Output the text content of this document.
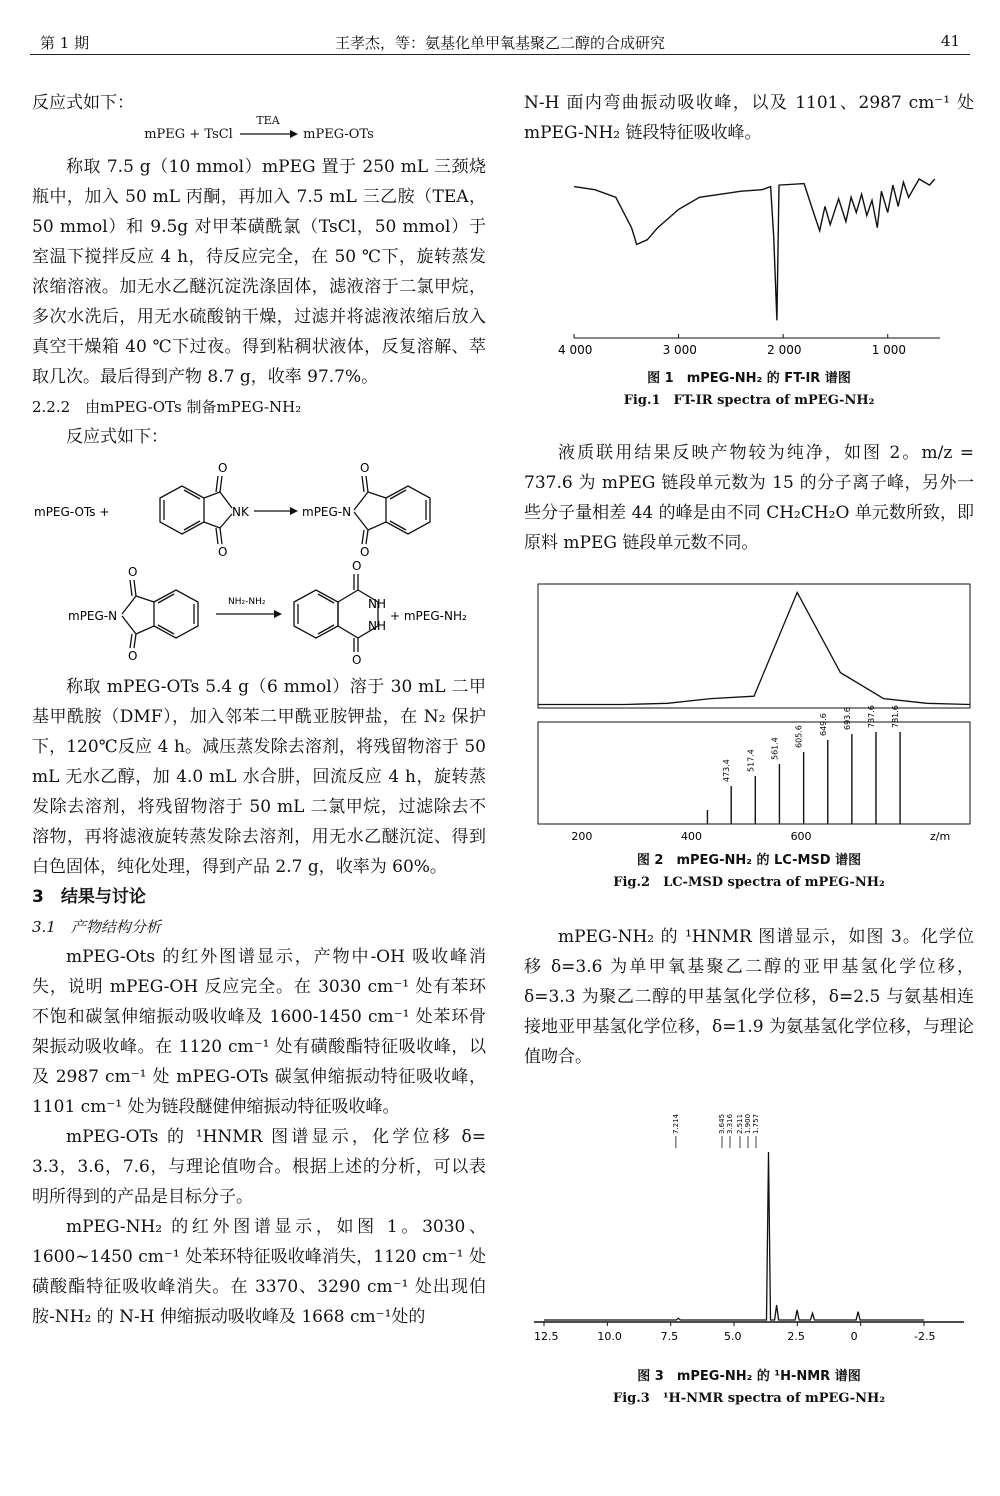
第 1 期	王孝杰，等：氨基化单甲氧基聚乙二醇的合成研究	41

反应式如下：

mPEG + TsCl
TEA
mPEG-OTs

称取 7.5 g（10 mmol）mPEG 置于 250 mL 三颈烧瓶中，加入 50 mL 丙酮，再加入 7.5 mL 三乙胺（TEA，50 mmol）和 9.5g 对甲苯磺酰氯（TsCl，50 mmol）于室温下搅拌反应 4 h，待反应完全，在 50 ℃下，旋转蒸发浓缩溶液。加无水乙醚沉淀洗涤固体，滤液溶于二氯甲烷，多次水洗后，用无水硫酸钠干燥，过滤并将滤液浓缩后放入真空干燥箱 40 ℃下过夜。得到粘稠状液体，反复溶解、萃取几次。最后得到产物 8.7 g，收率 97.7%。

2.2.2　由mPEG-OTs 制备mPEG-NH₂

反应式如下：

mPEG-OTs +
O
O
NK	mPEG-N
O
O
mPEG-N
O
O
NH₂-NH₂
O
O
NH
NH
+ mPEG-NH₂

称取 mPEG-OTs 5.4 g（6 mmol）溶于 30 mL 二甲基甲酰胺（DMF），加入邻苯二甲酰亚胺钾盐，在 N₂ 保护下，120℃反应 4 h。减压蒸发除去溶剂，将残留物溶于 50 mL 无水乙醇，加 4.0 mL 水合肼，回流反应 4 h，旋转蒸发除去溶剂，将残留物溶于 50 mL 二氯甲烷，过滤除去不溶物，再将滤液旋转蒸发除去溶剂，用无水乙醚沉淀、得到白色固体，纯化处理，得到产品 2.7 g，收率为 60%。

3　结果与讨论

3.1　产物结构分析

mPEG-Ots 的红外图谱显示，产物中-OH 吸收峰消失，说明 mPEG-OH 反应完全。在 3030 cm⁻¹ 处有苯环不饱和碳氢伸缩振动吸收峰及 1600-1450 cm⁻¹ 处苯环骨架振动吸收峰。在 1120 cm⁻¹ 处有磺酸酯特征吸收峰，以及 2987 cm⁻¹ 处 mPEG-OTs 碳氢伸缩振动特征吸收峰，1101 cm⁻¹ 处为链段醚健伸缩振动特征吸收峰。

mPEG-OTs 的 ¹HNMR 图谱显示，化学位移 δ= 3.3，3.6，7.6，与理论值吻合。根据上述的分析，可以表明所得到的产品是目标分子。

mPEG-NH₂ 的红外图谱显示，如图 1。3030、1600~1450 cm⁻¹ 处苯环特征吸收峰消失，1120 cm⁻¹ 处磺酸酯特征吸收峰消失。在 3370、3290 cm⁻¹ 处出现伯胺-NH₂ 的 N-H 伸缩振动吸收峰及 1668 cm⁻¹处的

N-H 面内弯曲振动吸收峰，以及 1101、2987 cm⁻¹ 处 mPEG-NH₂ 链段特征吸收峰。

4 000	3 000	2 000	1 000
图 1　mPEG-NH₂ 的 FT-IR 谱图
Fig.1　FT-IR spectra of mPEG-NH₂

液质联用结果反映产物较为纯净，如图 2。m/z = 737.6 为 mPEG 链段单元数为 15 的分子离子峰，另外一些分子量相差 44 的峰是由不同 CH₂CH₂O 单元数所致，即原料 mPEG 链段单元数不同。

473.4 517.4
561.4
605.6
649.6 693.6 737.6 781.6
200	400	600	z/m
图 2　mPEG-NH₂ 的 LC-MSD 谱图
Fig.2　LC-MSD spectra of mPEG-NH₂

mPEG-NH₂ 的 ¹HNMR 图谱显示，如图 3。化学位移 δ=3.6 为单甲氧基聚乙二醇的亚甲基氢化学位移，δ=3.3 为聚乙二醇的甲基氢化学位移，δ=2.5 与氨基相连接地亚甲基氢化学位移，δ=1.9 为氨基氢化学位移，与理论值吻合。

7.214	3.645 3.316 2.511 1.900 1.757
12.5	10.0	7.5	5.0	2.5	0	-2.5
图 3　mPEG-NH₂ 的 ¹H-NMR 谱图
Fig.3　¹H-NMR spectra of mPEG-NH₂
